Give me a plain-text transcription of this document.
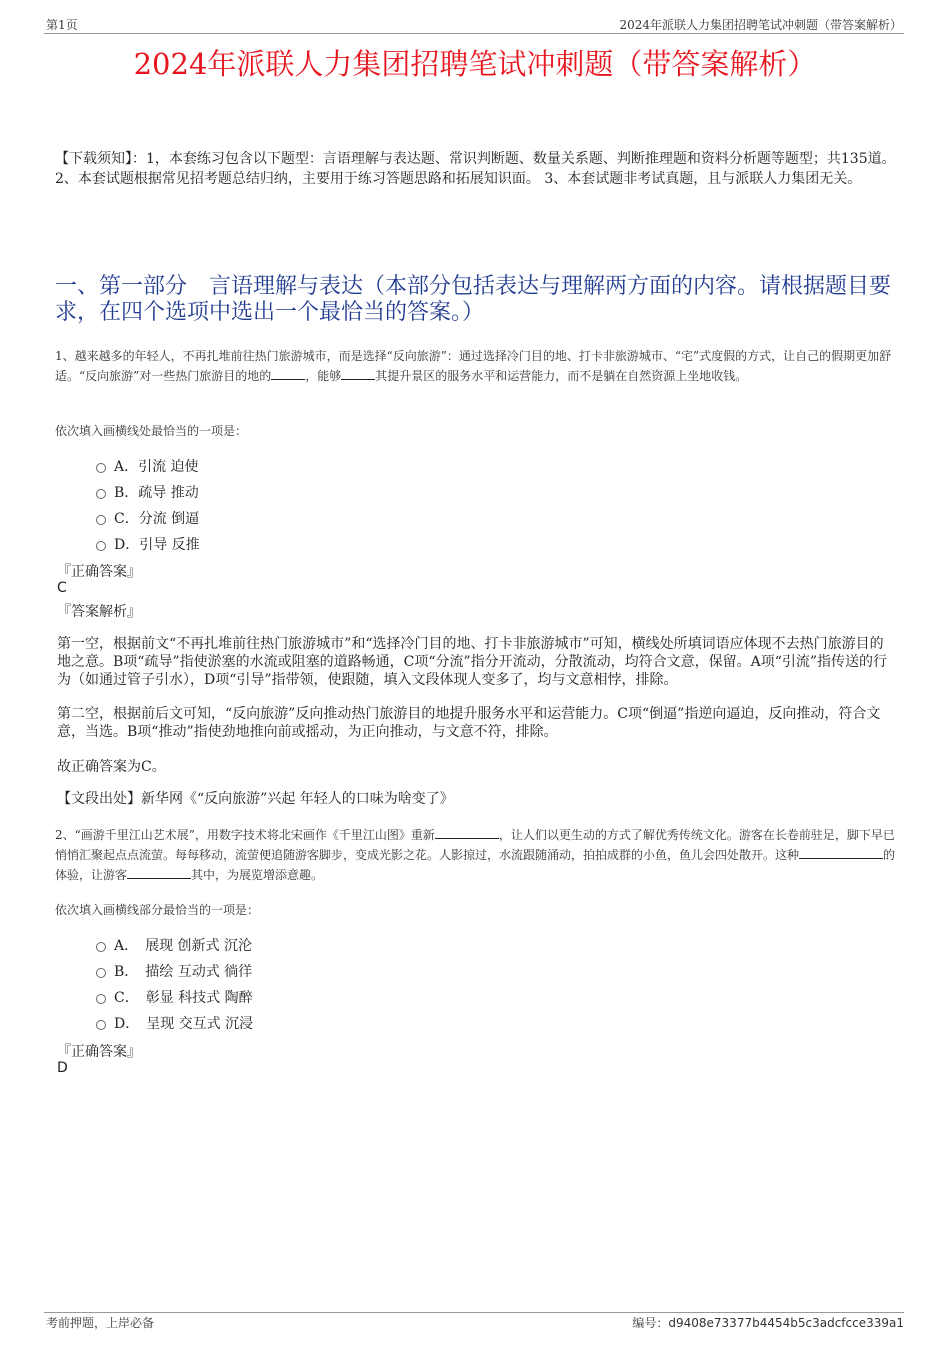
第1页	2024年派联人力集团招聘笔试冲刺题（带答案解析）
2024年派联人力集团招聘笔试冲刺题（带答案解析）
【下载须知】：1，本套练习包含以下题型：言语理解与表达题、常识判断题、数量关系题、判断推理题和资料分析题等题型；共135道。 2、本套试题根据常见招考题总结归纳，主要用于练习答题思路和拓展知识面。 3、本套试题非考试真题，且与派联人力集团无关。
一、第一部分　言语理解与表达（本部分包括表达与理解两方面的内容。请根据题目要求，在四个选项中选出一个最恰当的答案。）
1、越来越多的年轻人，不再扎堆前往热门旅游城市，而是选择“反向旅游”：通过选择冷门目的地、打卡非旅游城市、“宅”式度假的方式，让自己的假期更加舒适。“反向旅游”对一些热门旅游目的地的	，能够	其提升景区的服务水平和运营能力，而不是躺在自然资源上坐地收钱。
依次填入画横线处最恰当的一项是：
A．引流 迫使
B．疏导 推动
C．分流 倒逼
D．引导 反推
『正确答案』
C
『答案解析』
第一空，根据前文“不再扎堆前往热门旅游城市”和“选择冷门目的地、打卡非旅游城市”可知，横线处所填词语应体现不去热门旅游目的地之意。B项“疏导”指使淤塞的水流或阻塞的道路畅通，C项“分流”指分开流动，分散流动，均符合文意，保留。A项“引流”指传送的行为（如通过管子引水），D项“引导”指带领，使跟随，填入文段体现人变多了，均与文意相悖，排除。
第二空，根据前后文可知，“反向旅游”反向推动热门旅游目的地提升服务水平和运营能力。C项“倒逼”指逆向逼迫，反向推动，符合文意，当选。B项“推动”指使劲地推向前或摇动，为正向推动，与文意不符，排除。
故正确答案为C。
【文段出处】新华网《“反向旅游”兴起 年轻人的口味为啥变了》
2、“画游千里江山艺术展”，用数字技术将北宋画作《千里江山图》重新	，让人们以更生动的方式了解优秀传统文化。游客在长卷前驻足，脚下早已悄悄汇聚起点点流萤。每每移动，流萤便追随游客脚步，变成光影之花。人影掠过，水流跟随涌动，拍拍成群的小鱼，鱼儿会四处散开。这种	的体验，让游客	其中，为展览增添意趣。
依次填入画横线部分最恰当的一项是：
A．　展现 创新式 沉沦
B．　描绘 互动式 徜徉
C．　彰显 科技式 陶醉
D．　呈现 交互式 沉浸
『正确答案』
D
考前押题，上岸必备	编号：d9408e73377b4454b5c3adcfcce339a1
